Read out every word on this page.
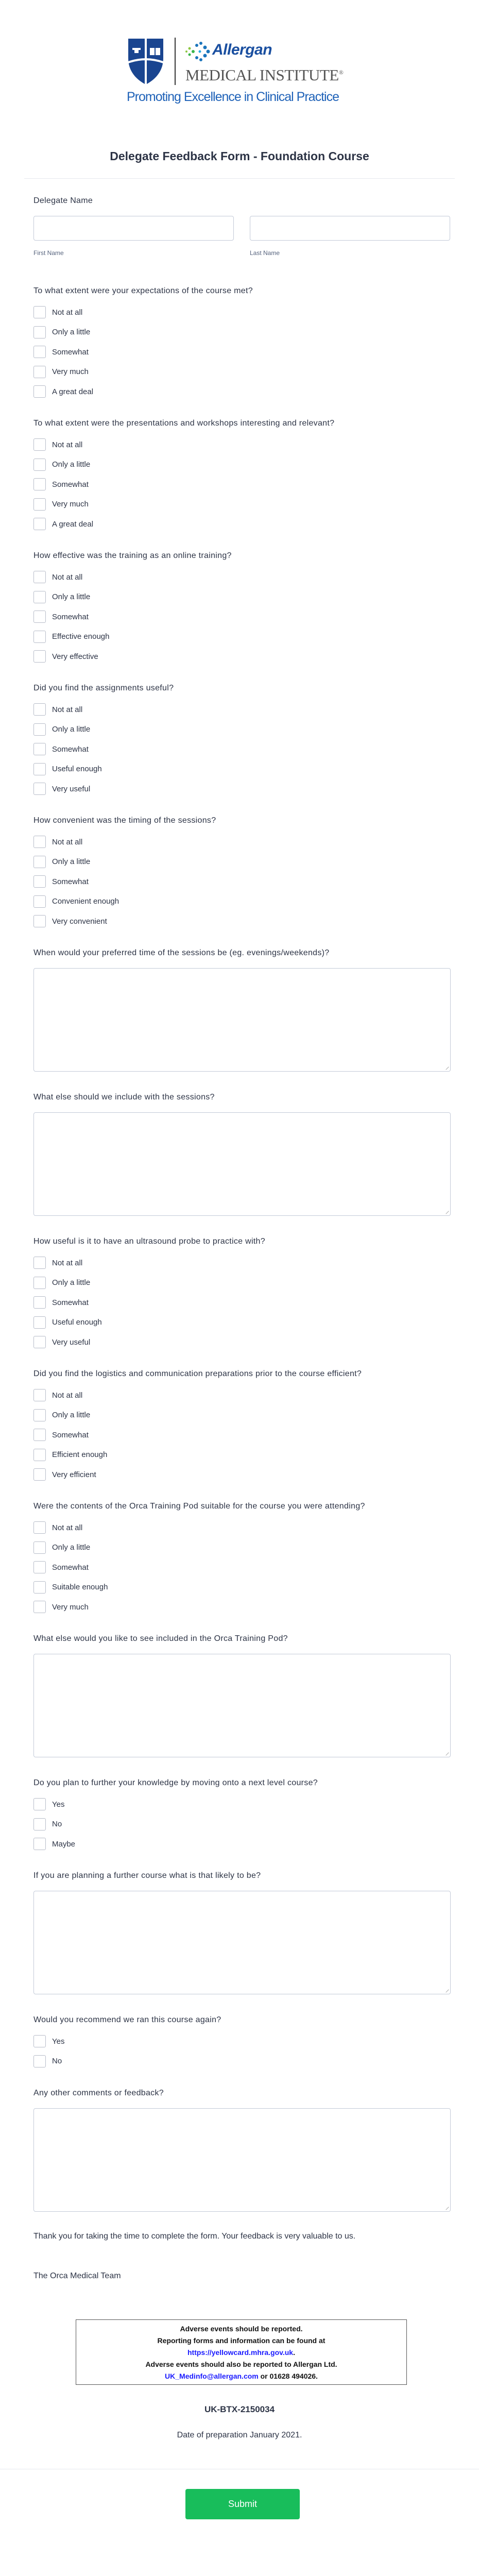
Allergan
MEDICAL INSTITUTE®
Promoting Excellence in Clinical Practice
Delegate Feedback Form - Foundation Course
Delegate Name
First Name	Last Name
To what extent were your expectations of the course met?
Not at all
Only a little
Somewhat
Very much
A great deal
To what extent were the presentations and workshops interesting and relevant?
Not at all
Only a little
Somewhat
Very much
A great deal
How effective was the training as an online training?
Not at all
Only a little
Somewhat
Effective enough
Very effective
Did you find the assignments useful?
Not at all
Only a little
Somewhat
Useful enough
Very useful
How convenient was the timing of the sessions?
Not at all
Only a little
Somewhat
Convenient enough
Very convenient
When would your preferred time of the sessions be (eg. evenings/weekends)?
What else should we include with the sessions?
How useful is it to have an ultrasound probe to practice with?
Not at all
Only a little
Somewhat
Useful enough
Very useful
Did you find the logistics and communication preparations prior to the course efficient?
Not at all
Only a little
Somewhat
Efficient enough
Very efficient
Were the contents of the Orca Training Pod suitable for the course you were attending?
Not at all
Only a little
Somewhat
Suitable enough
Very much
What else would you like to see included in the Orca Training Pod?
Do you plan to further your knowledge by moving onto a next level course?
Yes
No
Maybe
If you are planning a further course what is that likely to be?
Would you recommend we ran this course again?
Yes
No
Any other comments or feedback?
Thank you for taking the time to complete the form. Your feedback is very valuable to us.
The Orca Medical Team
Adverse events should be reported.
Reporting forms and information can be found at
https://yellowcard.mhra.gov.uk.
Adverse events should also be reported to Allergan Ltd.
UK_Medinfo@allergan.com or 01628 494026.
UK-BTX-2150034
Date of preparation January 2021.
Submit
